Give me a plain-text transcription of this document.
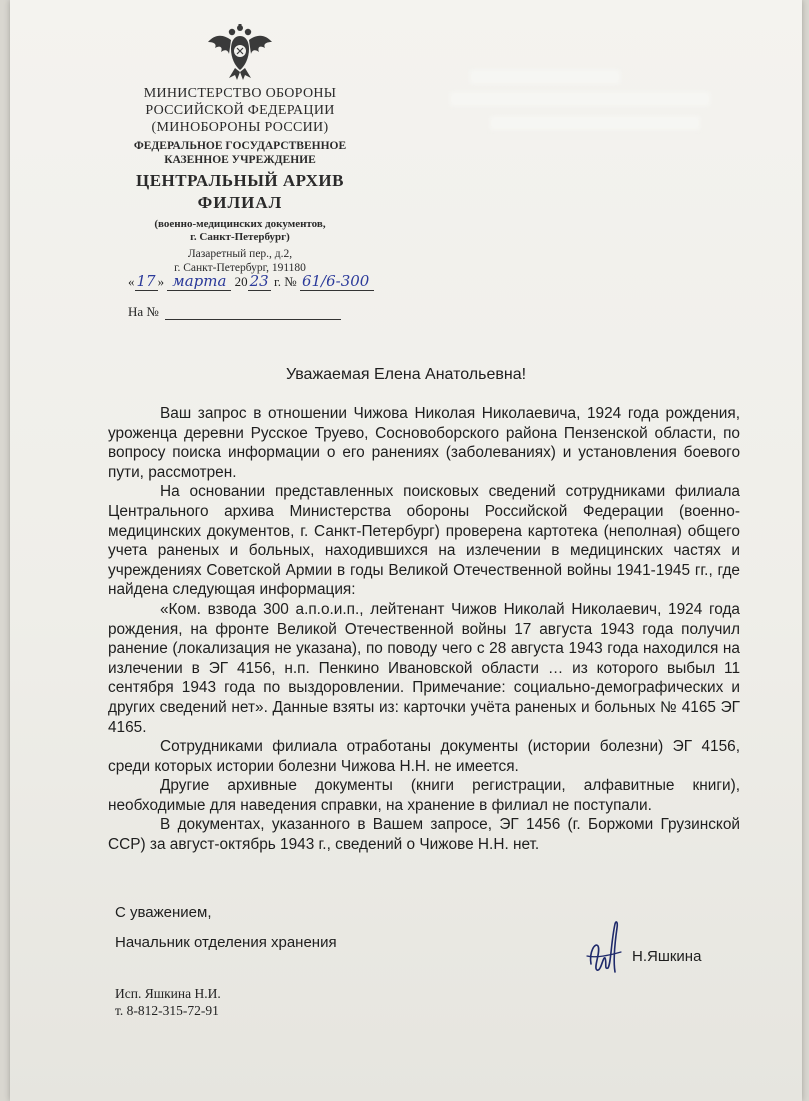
МИНИСТЕРСТВО ОБОРОНЫ

РОССИЙСКОЙ ФЕДЕРАЦИИ

(МИНОБОРОНЫ РОССИИ)

ФЕДЕРАЛЬНОЕ ГОСУДАРСТВЕННОЕ

КАЗЕННОЕ УЧРЕЖДЕНИЕ

ЦЕНТРАЛЬНЫЙ АРХИВ

ФИЛИАЛ

(военно-медицинских документов,

г. Санкт-Петербург)

Лазаретный пер., д.2,

г. Санкт-Петербург, 191180

« 17 » марта 20 23 г. № 61/6-300
На №
Уважаемая Елена Анатольевна!

Ваш запрос в отношении Чижова Николая Николаевича, 1924 года рождения, уроженца деревни Русское Труево, Сосновоборского района Пензенской области, по вопросу поиска информации о его ранениях (заболеваниях) и установления боевого пути, рассмотрен.

На основании представленных поисковых сведений сотрудниками филиала Центрального архива Министерства обороны Российской Федерации (военно-медицинских документов, г. Санкт-Петербург) проверена картотека (неполная) общего учета раненых и больных, находившихся на излечении в медицинских частях и учреждениях Советской Армии в годы Великой Отечественной войны 1941-1945 гг., где найдена следующая информация:

«Ком. взвода 300 а.п.о.и.п., лейтенант Чижов Николай Николаевич, 1924 года рождения, на фронте Великой Отечественной войны 17 августа 1943 года получил ранение (локализация не указана), по поводу чего с 28 августа 1943 года находился на излечении в ЭГ 4156, н.п. Пенкино Ивановской области … из которого выбыл 11 сентября 1943 года по выздоровлении. Примечание: социально-демографических и других сведений нет». Данные взяты из: карточки учёта раненых и больных № 4165 ЭГ 4165.

Сотрудниками филиала отработаны документы (истории болезни) ЭГ 4156, среди которых истории болезни Чижова Н.Н. не имеется.

Другие архивные документы (книги регистрации, алфавитные книги), необходимые для наведения справки, на хранение в филиал не поступали.

В документах, указанного в Вашем запросе, ЭГ 1456 (г. Боржоми Грузинской ССР) за август-октябрь 1943 г., сведений о Чижове Н.Н. нет.

С уважением,
Начальник отделения хранения
Н.Яшкина
Исп. Яшкина Н.И.
т. 8-812-315-72-91
